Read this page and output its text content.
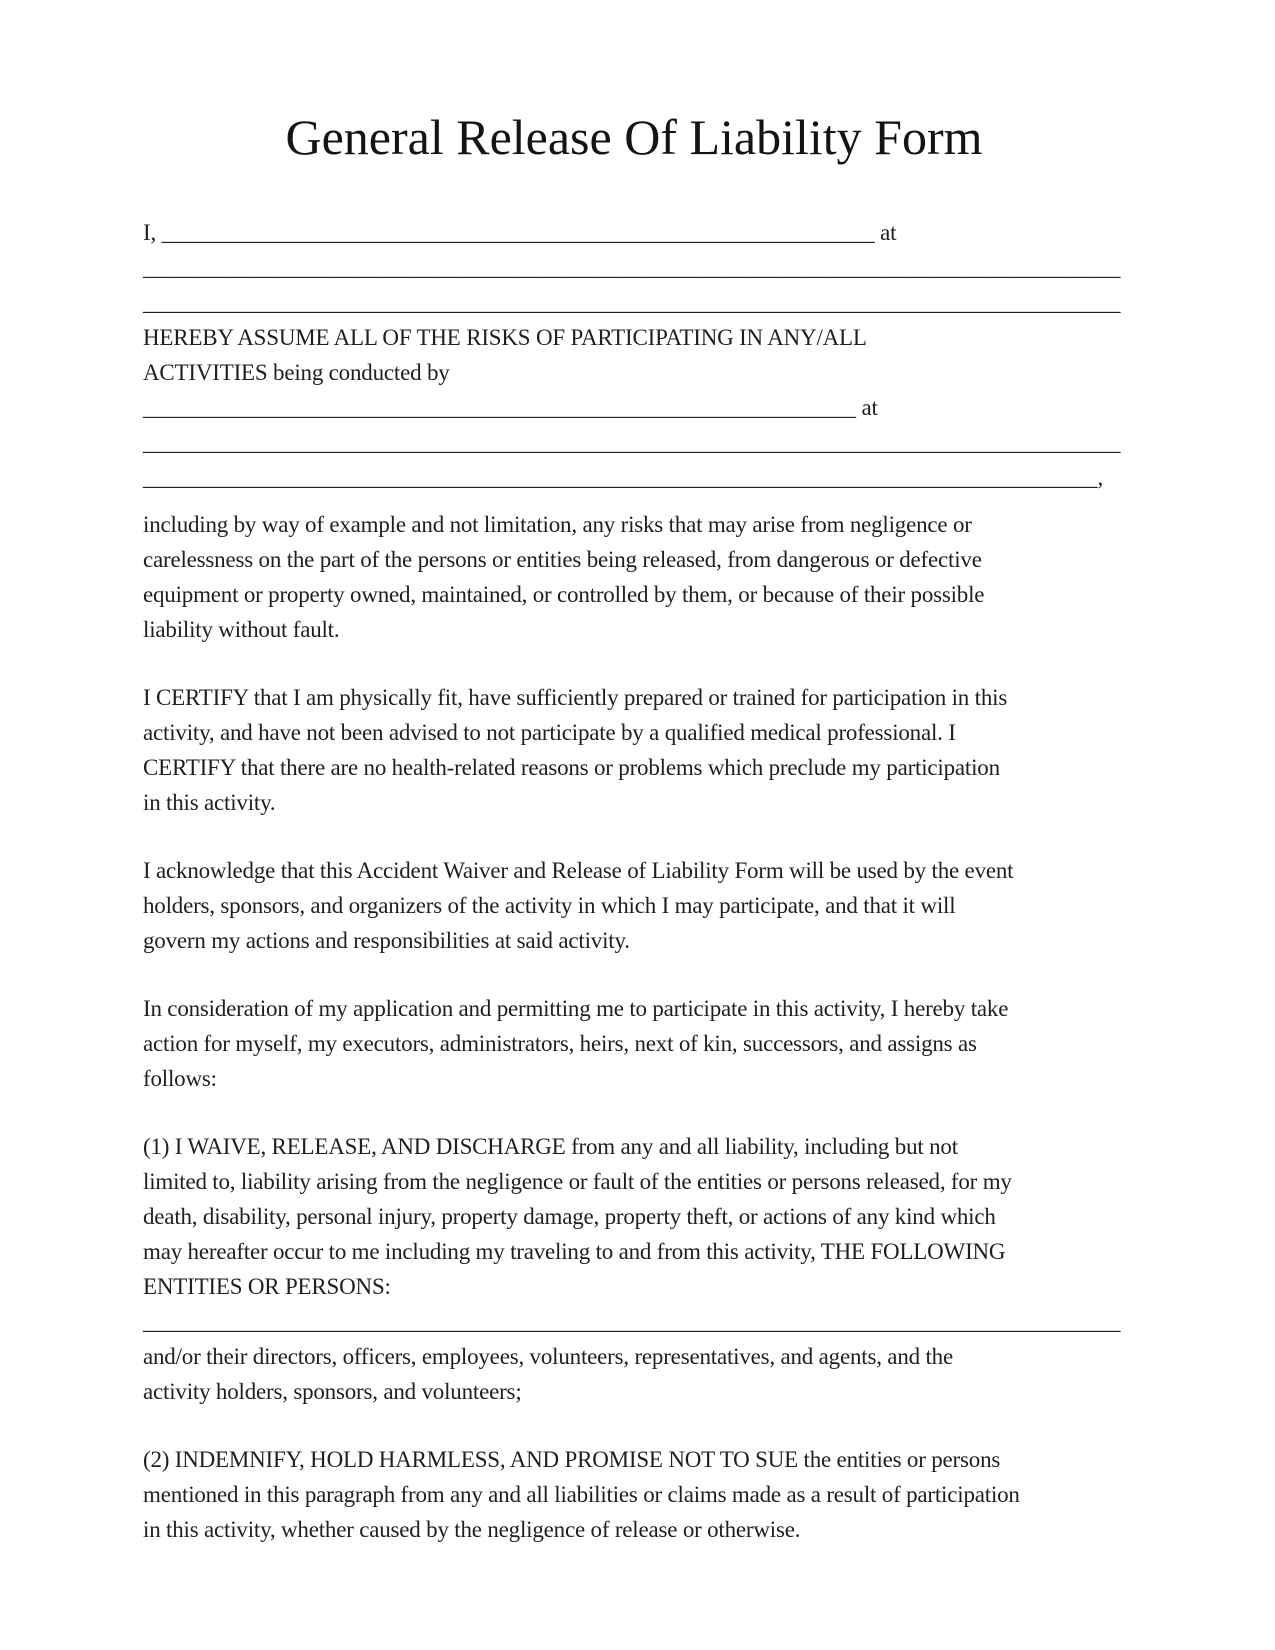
General Release Of Liability Form

I, ______________________________________________________________ at
_____________________________________________________________________________________
_____________________________________________________________________________________
HEREBY ASSUME ALL OF THE RISKS OF PARTICIPATING IN ANY/ALL
ACTIVITIES being conducted by
______________________________________________________________ at
_____________________________________________________________________________________
___________________________________________________________________________________,

including by way of example and not limitation, any risks that may arise from negligence or
carelessness on the part of the persons or entities being released, from dangerous or defective
equipment or property owned, maintained, or controlled by them, or because of their possible
liability without fault.

I CERTIFY that I am physically fit, have sufficiently prepared or trained for participation in this
activity, and have not been advised to not participate by a qualified medical professional. I
CERTIFY that there are no health-related reasons or problems which preclude my participation
in this activity.

I acknowledge that this Accident Waiver and Release of Liability Form will be used by the event
holders, sponsors, and organizers of the activity in which I may participate, and that it will
govern my actions and responsibilities at said activity.

In consideration of my application and permitting me to participate in this activity, I hereby take
action for myself, my executors, administrators, heirs, next of kin, successors, and assigns as
follows:

(1) I WAIVE, RELEASE, AND DISCHARGE from any and all liability, including but not
limited to, liability arising from the negligence or fault of the entities or persons released, for my
death, disability, personal injury, property damage, property theft, or actions of any kind which
may hereafter occur to me including my traveling to and from this activity, THE FOLLOWING
ENTITIES OR PERSONS:
_____________________________________________________________________________________
and/or their directors, officers, employees, volunteers, representatives, and agents, and the
activity holders, sponsors, and volunteers;

(2) INDEMNIFY, HOLD HARMLESS, AND PROMISE NOT TO SUE the entities or persons
mentioned in this paragraph from any and all liabilities or claims made as a result of participation
in this activity, whether caused by the negligence of release or otherwise.
